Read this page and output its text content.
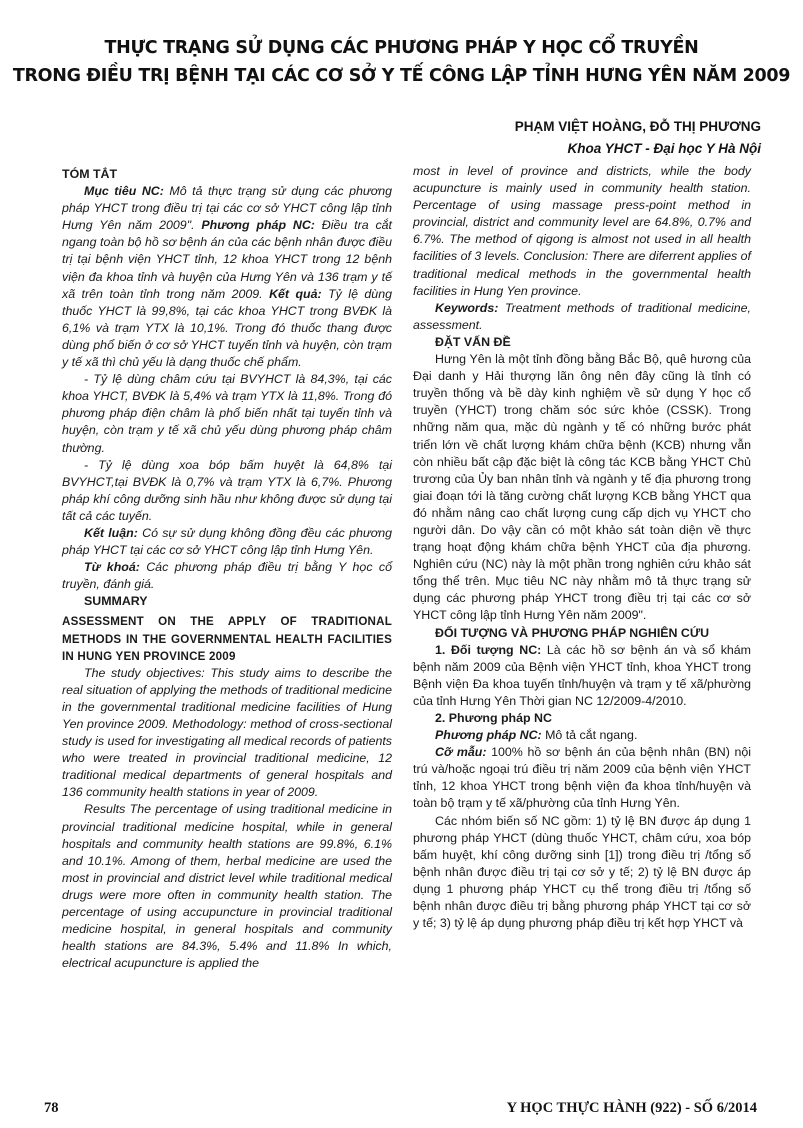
THỰC TRẠNG SỬ DỤNG CÁC PHƯƠNG PHÁP Y HỌC CỔ TRUYỀN
TRONG ĐIỀU TRỊ BỆNH TẠI CÁC CƠ SỞ Y TẾ CÔNG LẬP TỈNH HƯNG YÊN NĂM 2009
PHẠM VIỆT HOÀNG, ĐỖ THỊ PHƯƠNG
Khoa YHCT - Đại học Y Hà Nội

TÓM TẮT

Mục tiêu NC: Mô tả thực trạng sử dụng các phương pháp YHCT trong điều trị tại các cơ sở YHCT công lập tỉnh Hưng Yên năm 2009". Phương pháp NC: Điều tra cắt ngang toàn bộ hồ sơ bệnh án của các bệnh nhân được điều trị tại bệnh viện YHCT tỉnh, 12 khoa YHCT trong 12 bệnh viện đa khoa tỉnh và huyện của Hưng Yên và 136 trạm y tế xã trên toàn tỉnh trong năm 2009. Kết quả: Tỷ lệ dùng thuốc YHCT là 99,8%, tại các khoa YHCT trong BVĐK là 6,1% và trạm YTX là 10,1%. Trong đó thuốc thang được dùng phổ biến ở cơ sở YHCT tuyến tỉnh và huyện, còn trạm y tế xã thì chủ yếu là dạng thuốc chế phẩm.

- Tỷ lệ dùng châm cứu tại BVYHCT là 84,3%, tại các khoa YHCT, BVĐK là 5,4% và trạm YTX là 11,8%. Trong đó phương pháp điện châm là phổ biến nhất tại tuyến tỉnh và huyện, còn trạm y tế xã chủ yếu dùng phương pháp châm thường.

- Tỷ lệ dùng xoa bóp bấm huyệt là 64,8% tại BVYHCT,tại BVĐK là 0,7% và trạm YTX là 6,7%. Phương pháp khí công dưỡng sinh hầu như không được sử dụng tại tất cả các tuyến.

Kết luận: Có sự sử dụng không đồng đều các phương pháp YHCT tại các cơ sở YHCT công lập tỉnh Hưng Yên.

Từ khoá: Các phương pháp điều trị bằng Y học cổ truyền, đánh giá.

SUMMARY

ASSESSMENT ON THE APPLY OF TRADITIONAL METHODS IN THE GOVERNMENTAL HEALTH FACILITIES IN HUNG YEN PROVINCE 2009

The study objectives: This study aims to describe the real situation of applying the methods of traditional medicine in the governmental traditional medicine facilities of Hung Yen province 2009. Methodology: method of cross-sectional study is used for investigating all medical records of patients who were treated in provincial traditional medicine, 12 traditional medical departments of general hospitals and 136 community health stations in year of 2009.

Results The percentage of using traditional medicine in provincial traditional medicine hospital, while in general hospitals and community health stations are 99.8%, 6.1% and 10.1%. Among of them, herbal medicine are used the most in provincial and district level while traditional medical drugs were more often in community health station. The percentage of using accupuncture in provincial traditional medicine hospital, in general hospitals and community health stations are 84.3%, 5.4% and 11.8% In which, electrical acupuncture is applied the

most in level of province and districts, while the body acupuncture is mainly used in community health station. Percentage of using massage press-point method in provincial, district and community level are 64.8%, 0.7% and 6.7%. The method of qigong is almost not used in all health facilities of 3 levels. Conclusion: There are diferrent applies of traditional medical methods in the governmental health facilities in Hung Yen province.

Keywords: Treatment methods of traditional medicine, assessment.

ĐẶT VẤN ĐỀ

Hưng Yên là một tỉnh đồng bằng Bắc Bộ, quê hương của Đại danh y Hải thượng lãn ông nên đây cũng là tỉnh có truyền thống và bề dày kinh nghiệm về sử dụng Y học cổ truyền (YHCT) trong chăm sóc sức khỏe (CSSK). Trong những năm qua, mặc dù ngành y tế có những bước phát triển lớn về chất lượng khám chữa bệnh (KCB) nhưng vẫn còn nhiều bất cập đặc biệt là công tác KCB bằng YHCT Chủ trương của Ủy ban nhân tỉnh và ngành y tế địa phương trong giai đoạn tới là tăng cường chất lượng KCB bằng YHCT qua đó nhằm nâng cao chất lượng cung cấp dịch vụ YHCT cho người dân. Do vậy cần có một khảo sát toàn diện về thực trạng hoạt động khám chữa bệnh YHCT của địa phương. Nghiên cứu (NC) này là một phần trong nghiên cứu khảo sát tổng thể trên. Mục tiêu NC này nhằm mô tả thực trạng sử dụng các phương pháp YHCT trong điều trị tại các cơ sở YHCT công lập tỉnh Hưng Yên năm 2009".

ĐỐI TƯỢNG VÀ PHƯƠNG PHÁP NGHIÊN CỨU

1. Đối tượng NC: Là các hồ sơ bệnh án và sổ khám bệnh năm 2009 của Bệnh viện YHCT tỉnh, khoa YHCT trong Bệnh viện Đa khoa tuyến tỉnh/huyện và trạm y tế xã/phường của tỉnh Hưng Yên Thời gian NC 12/2009-4/2010.

2. Phương pháp NC

Phương pháp NC: Mô tả cắt ngang.

Cỡ mẫu: 100% hồ sơ bệnh án của bệnh nhân (BN) nội trú và/hoặc ngoại trú điều trị năm 2009 của bệnh viện YHCT tỉnh, 12 khoa YHCT trong bệnh viện đa khoa tỉnh/huyện và toàn bộ trạm y tế xã/phường của tỉnh Hưng Yên.

Các nhóm biến số NC gồm: 1) tỷ lệ BN được áp dụng 1 phương pháp YHCT (dùng thuốc YHCT, châm cứu, xoa bóp bấm huyệt, khí công dưỡng sinh [1]) trong điều trị /tổng số bệnh nhân được điều trị tại cơ sở y tế; 2) tỷ lệ BN được áp dụng 1 phương pháp YHCT cụ thể trong điều trị /tổng số bệnh nhân được điều trị bằng phương pháp YHCT tại cơ sở y tế; 3) tỷ lệ áp dụng phương pháp điều trị kết hợp YHCT và

78	Y HỌC THỰC HÀNH (922) - SỐ 6/2014
